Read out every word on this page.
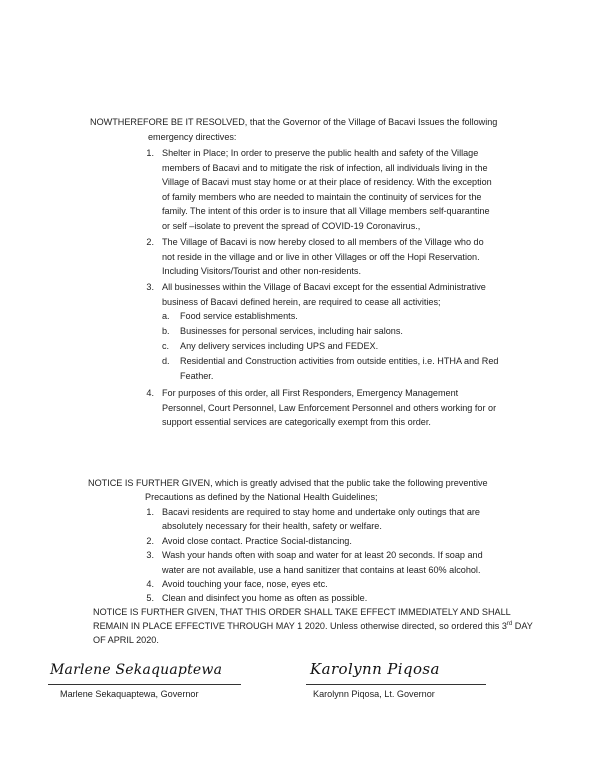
NOWTHEREFORE BE IT RESOLVED, that the Governor of the Village of Bacavi Issues the following
emergency directives:
1. Shelter in Place; In order to preserve the public health and safety of the Village
members of Bacavi and to mitigate the risk of infection, all individuals living in the
Village of Bacavi must stay home or at their place of residency. With the exception
of family members who are needed to maintain the continuity of services for the
family. The intent of this order is to insure that all Village members self-quarantine
or self –isolate to prevent the spread of COVID-19 Coronavirus.,
2. The Village of Bacavi is now hereby closed to all members of the Village who do
not reside in the village and or live in other Villages or off the Hopi Reservation.
Including Visitors/Tourist and other non-residents.
3. All businesses within the Village of Bacavi except for the essential Administrative
business of Bacavi defined herein, are required to cease all activities;
a. Food service establishments.
b. Businesses for personal services, including hair salons.
c. Any delivery services including UPS and FEDEX.
d. Residential and Construction activities from outside entities, i.e. HTHA and Red
Feather.
4. For purposes of this order, all First Responders, Emergency Management
Personnel, Court Personnel, Law Enforcement Personnel and others working for or
support essential services are categorically exempt from this order.
NOTICE IS FURTHER GIVEN, which is greatly advised that the public take the following preventive
Precautions as defined by the National Health Guidelines;
1. Bacavi residents are required to stay home and undertake only outings that are
absolutely necessary for their health, safety or welfare.
2. Avoid close contact. Practice Social-distancing.
3. Wash your hands often with soap and water for at least 20 seconds. If soap and
water are not available, use a hand sanitizer that contains at least 60% alcohol.
4. Avoid touching your face, nose, eyes etc.
5. Clean and disinfect you home as often as possible.
NOTICE IS FURTHER GIVEN, THAT THIS ORDER SHALL TAKE EFFECT IMMEDIATELY AND SHALL
REMAIN IN PLACE EFFECTIVE THROUGH MAY 1 2020. Unless otherwise directed, so ordered this 3rd DAY
OF APRIL 2020.
Marlene Sekaquaptewa
Marlene Sekaquaptewa, Governor
Karolynn Piqosa
Karolynn Piqosa, Lt. Governor
